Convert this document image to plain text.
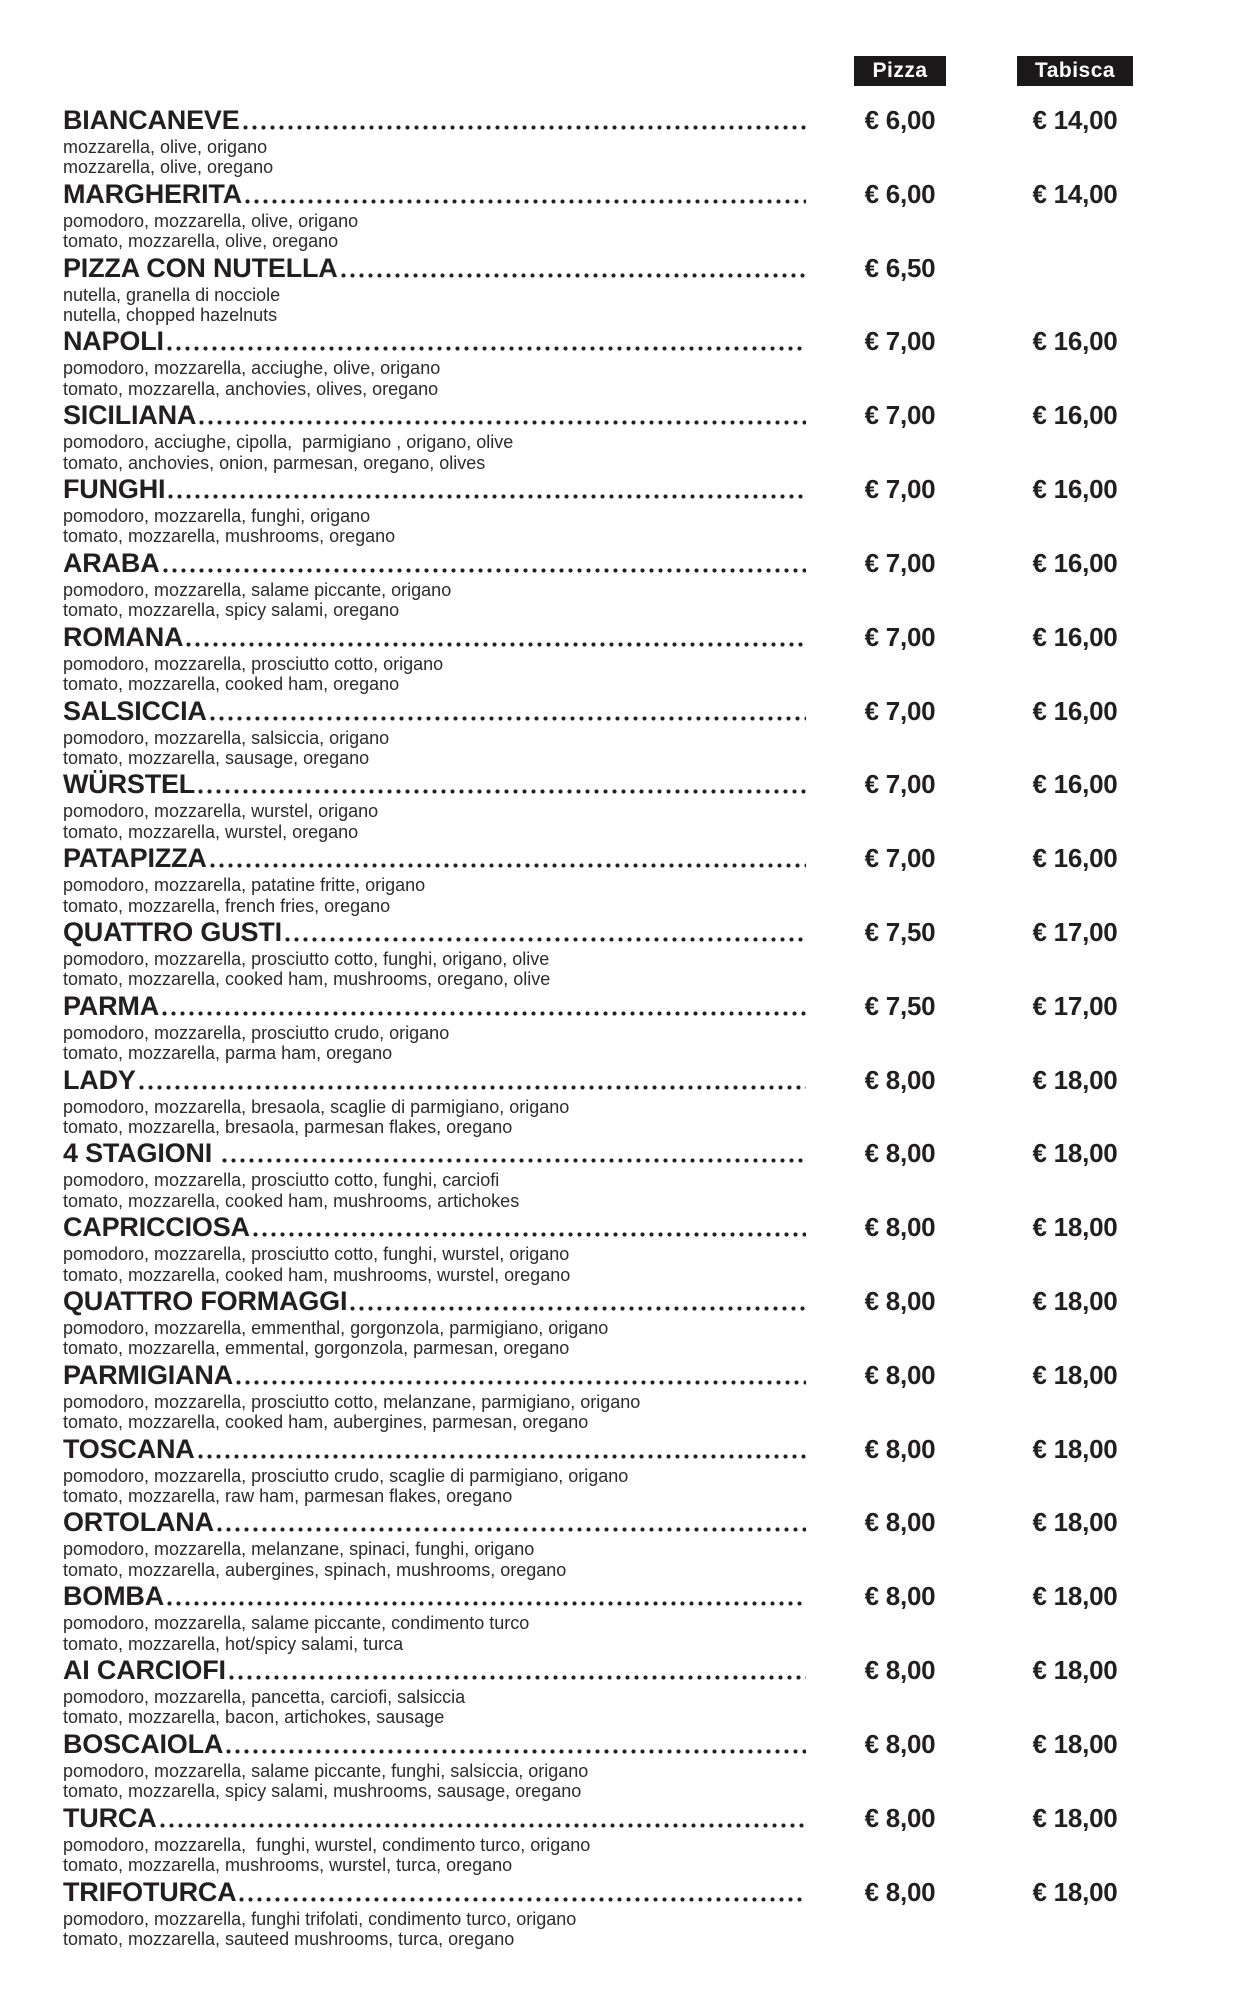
Pizza	Tabisca
BIANCANEVE	€ 6,00	€ 14,00
mozzarella, olive, origano
mozzarella, olive, oregano
MARGHERITA	€ 6,00	€ 14,00
pomodoro, mozzarella, olive, origano
tomato, mozzarella, olive, oregano
PIZZA CON NUTELLA	€ 6,50
nutella, granella di nocciole
nutella, chopped hazelnuts
NAPOLI	€ 7,00	€ 16,00
pomodoro, mozzarella, acciughe, olive, origano
tomato, mozzarella, anchovies, olives, oregano
SICILIANA	€ 7,00	€ 16,00
pomodoro, acciughe, cipolla,  parmigiano , origano, olive
tomato, anchovies, onion, parmesan, oregano, olives
FUNGHI	€ 7,00	€ 16,00
pomodoro, mozzarella, funghi, origano
tomato, mozzarella, mushrooms, oregano
ARABA	€ 7,00	€ 16,00
pomodoro, mozzarella, salame piccante, origano
tomato, mozzarella, spicy salami, oregano
ROMANA	€ 7,00	€ 16,00
pomodoro, mozzarella, prosciutto cotto, origano
tomato, mozzarella, cooked ham, oregano
SALSICCIA	€ 7,00	€ 16,00
pomodoro, mozzarella, salsiccia, origano
tomato, mozzarella, sausage, oregano
WÜRSTEL	€ 7,00	€ 16,00
pomodoro, mozzarella, wurstel, origano
tomato, mozzarella, wurstel, oregano
PATAPIZZA	€ 7,00	€ 16,00
pomodoro, mozzarella, patatine fritte, origano
tomato, mozzarella, french fries, oregano
QUATTRO GUSTI	€ 7,50	€ 17,00
pomodoro, mozzarella, prosciutto cotto, funghi, origano, olive
tomato, mozzarella, cooked ham, mushrooms, oregano, olive
PARMA	€ 7,50	€ 17,00
pomodoro, mozzarella, prosciutto crudo, origano
tomato, mozzarella, parma ham, oregano
LADY	€ 8,00	€ 18,00
pomodoro, mozzarella, bresaola, scaglie di parmigiano, origano
tomato, mozzarella, bresaola, parmesan flakes, oregano
4 STAGIONI	€ 8,00	€ 18,00
pomodoro, mozzarella, prosciutto cotto, funghi, carciofi
tomato, mozzarella, cooked ham, mushrooms, artichokes
CAPRICCIOSA	€ 8,00	€ 18,00
pomodoro, mozzarella, prosciutto cotto, funghi, wurstel, origano
tomato, mozzarella, cooked ham, mushrooms, wurstel, oregano
QUATTRO FORMAGGI	€ 8,00	€ 18,00
pomodoro, mozzarella, emmenthal, gorgonzola, parmigiano, origano
tomato, mozzarella, emmental, gorgonzola, parmesan, oregano
PARMIGIANA	€ 8,00	€ 18,00
pomodoro, mozzarella, prosciutto cotto, melanzane, parmigiano, origano
tomato, mozzarella, cooked ham, aubergines, parmesan, oregano
TOSCANA	€ 8,00	€ 18,00
pomodoro, mozzarella, prosciutto crudo, scaglie di parmigiano, origano
tomato, mozzarella, raw ham, parmesan flakes, oregano
ORTOLANA	€ 8,00	€ 18,00
pomodoro, mozzarella, melanzane, spinaci, funghi, origano
tomato, mozzarella, aubergines, spinach, mushrooms, oregano
BOMBA	€ 8,00	€ 18,00
pomodoro, mozzarella, salame piccante, condimento turco
tomato, mozzarella, hot/spicy salami, turca
AI CARCIOFI	€ 8,00	€ 18,00
pomodoro, mozzarella, pancetta, carciofi, salsiccia
tomato, mozzarella, bacon, artichokes, sausage
BOSCAIOLA	€ 8,00	€ 18,00
pomodoro, mozzarella, salame piccante, funghi, salsiccia, origano
tomato, mozzarella, spicy salami, mushrooms, sausage, oregano
TURCA	€ 8,00	€ 18,00
pomodoro, mozzarella,  funghi, wurstel, condimento turco, origano
tomato, mozzarella, mushrooms, wurstel, turca, oregano
TRIFOTURCA	€ 8,00	€ 18,00
pomodoro, mozzarella, funghi trifolati, condimento turco, origano
tomato, mozzarella, sauteed mushrooms, turca, oregano
